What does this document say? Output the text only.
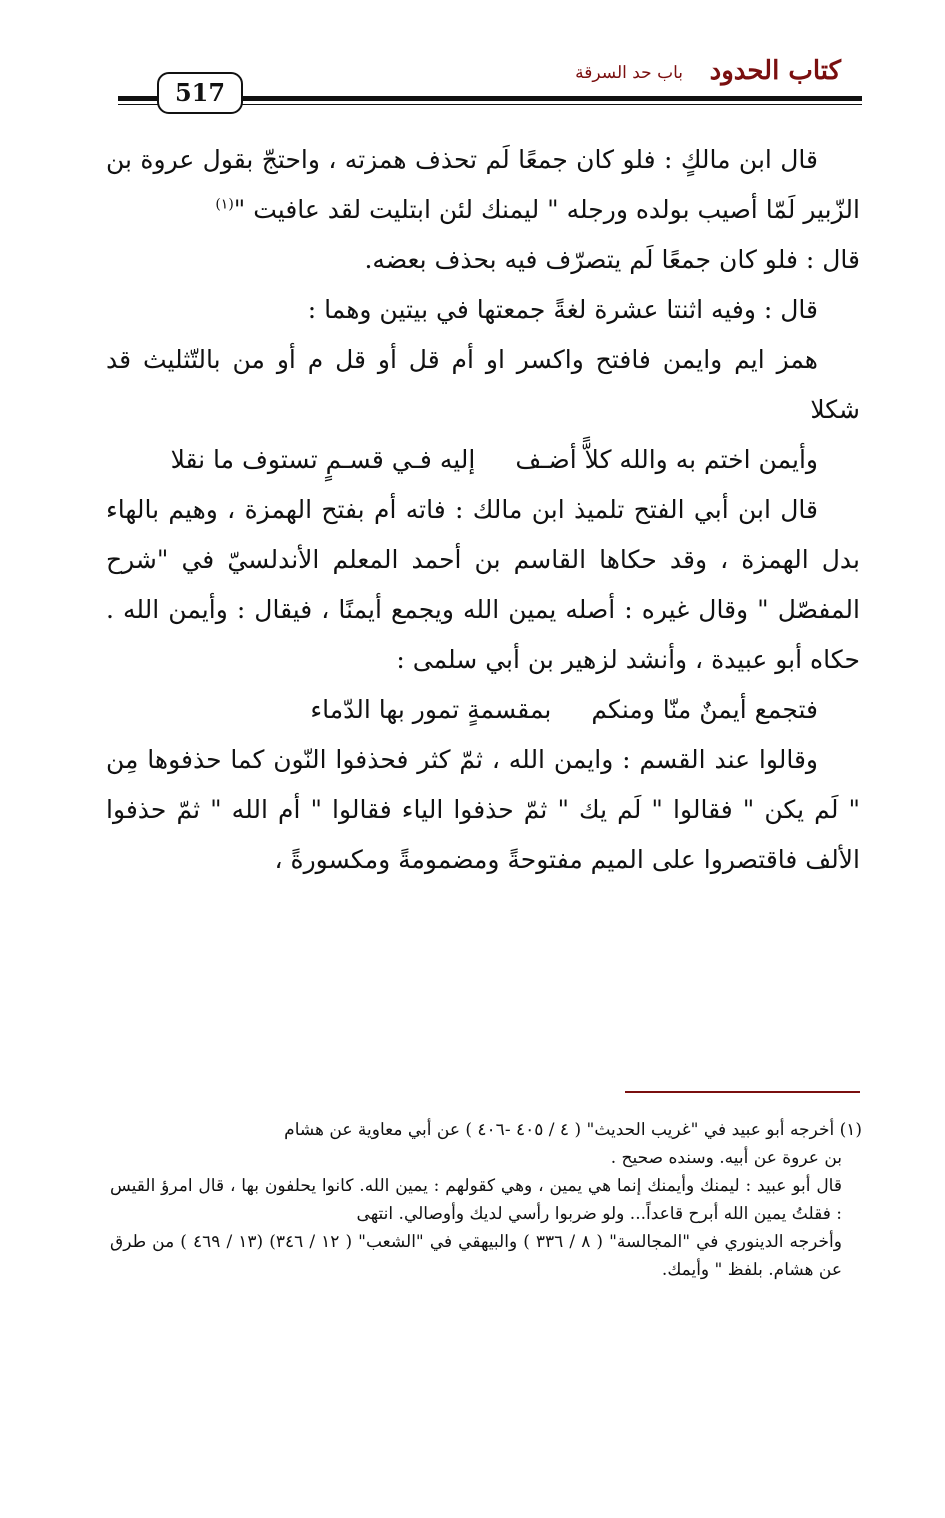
كتاب الحدود
باب حد السرقة
517

قال ابن مالكٍ : فلو كان جمعًا لَم تحذف همزته ، واحتجّ بقول عروة بن الزّبير لَمّا أصيب بولده ورجله " ليمنك لئن ابتليت لقد عافيت "$^{(١)}$

قال : فلو كان جمعًا لَم يتصرّف فيه بحذف بعضه.

قال : وفيه اثنتا عشرة لغةً جمعتها في بيتين وهما :

همز ايم وايمن فافتح واكسر او أم قل أو قل م أو من بالتّثليث قد شكلا

وأيمن اختم به والله كلاًّ أضـفإليه فـي قسـمٍ تستوف ما نقلا

قال ابن أبي الفتح تلميذ ابن مالك : فاته أم بفتح الهمزة ، وهيم بالهاء بدل الهمزة ، وقد حكاها القاسم بن أحمد المعلم الأندلسيّ في "شرح المفصّل " وقال غيره : أصله يمين الله ويجمع أيمنًا ، فيقال : وأيمن الله . حكاه أبو عبيدة ، وأنشد لزهير بن أبي سلمى :

فتجمع أيمنٌ منّا ومنكمبمقسمةٍ تمور بها الدّماء

وقالوا عند القسم : وايمن الله ، ثمّ كثر فحذفوا النّون كما حذفوها مِن " لَم يكن " فقالوا " لَم يك " ثمّ حذفوا الياء فقالوا " أم الله " ثمّ حذفوا الألف فاقتصروا على الميم مفتوحةً ومضمومةً ومكسورةً ،

(١) أخرجه أبو عبيد في "غريب الحديث" ( ٤ / ٤٠٥ -٤٠٦ ) عن أبي معاوية عن هشام

بن عروة عن أبيه. وسنده صحيح .

قال أبو عبيد : ليمنك وأيمنك إنما هي يمين ، وهي كقولهم : يمين الله. كانوا يحلفون بها ، قال امرؤ القيس : فقلتُ يمين الله أبرح قاعداً... ولو ضربوا رأسي لديك وأوصالي. انتهى

وأخرجه الدينوري في "المجالسة" ( ٨ / ٣٣٦ ) والبيهقي في "الشعب" ( ١٢ / ٣٤٦) (١٣ / ٤٦٩ ) من طرق عن هشام. بلفظ " وأيمك.
